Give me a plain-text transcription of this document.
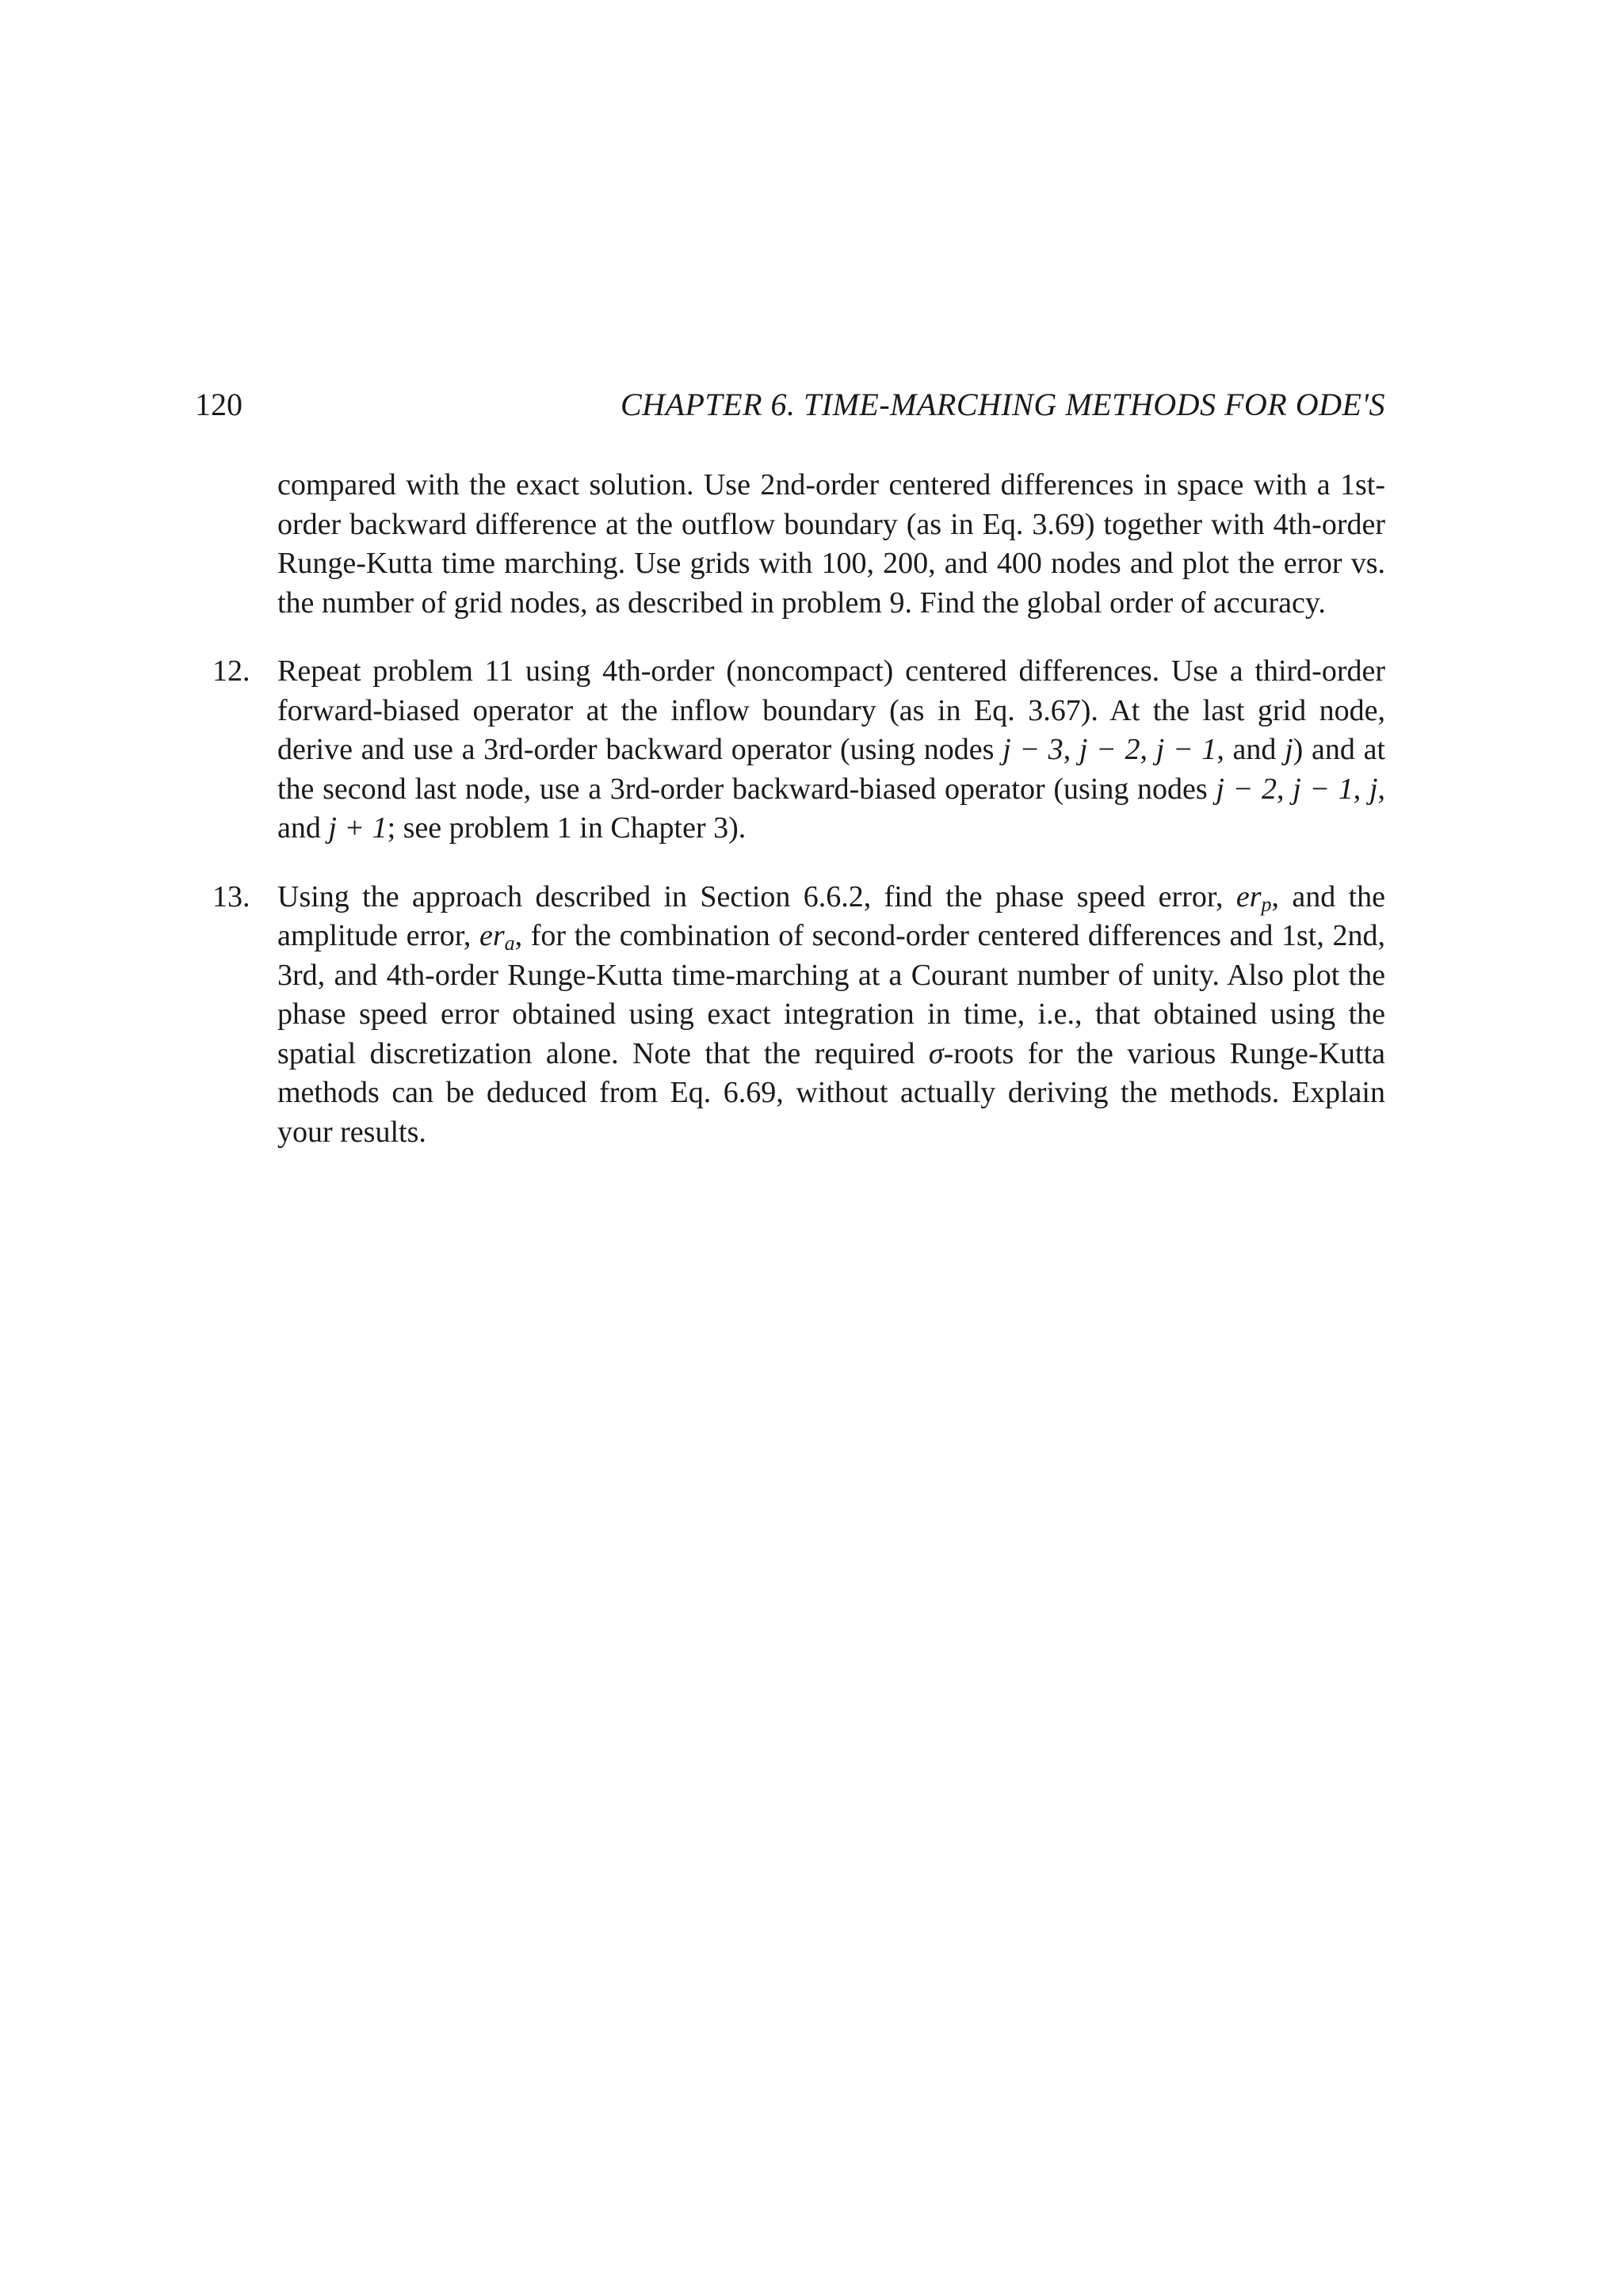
120	CHAPTER 6. TIME-MARCHING METHODS FOR ODE'S

compared with the exact solution. Use 2nd-order centered differences in space with a 1st-order backward difference at the outflow boundary (as in Eq. 3.69) together with 4th-order Runge-Kutta time marching. Use grids with 100, 200, and 400 nodes and plot the error vs. the number of grid nodes, as described in problem 9. Find the global order of accuracy.

12. Repeat problem 11 using 4th-order (noncompact) centered differences. Use a third-order forward-biased operator at the inflow boundary (as in Eq. 3.67). At the last grid node, derive and use a 3rd-order backward operator (using nodes j − 3, j − 2, j − 1, and j) and at the second last node, use a 3rd-order backward-biased operator (using nodes j − 2, j − 1, j, and j + 1; see problem 1 in Chapter 3).

13. Using the approach described in Section 6.6.2, find the phase speed error, $er_p$, and the amplitude error, $er_a$, for the combination of second-order centered differences and 1st, 2nd, 3rd, and 4th-order Runge-Kutta time-marching at a Courant number of unity. Also plot the phase speed error obtained using exact integration in time, i.e., that obtained using the spatial discretization alone. Note that the required σ-roots for the various Runge-Kutta methods can be deduced from Eq. 6.69, without actually deriving the methods. Explain your results.
